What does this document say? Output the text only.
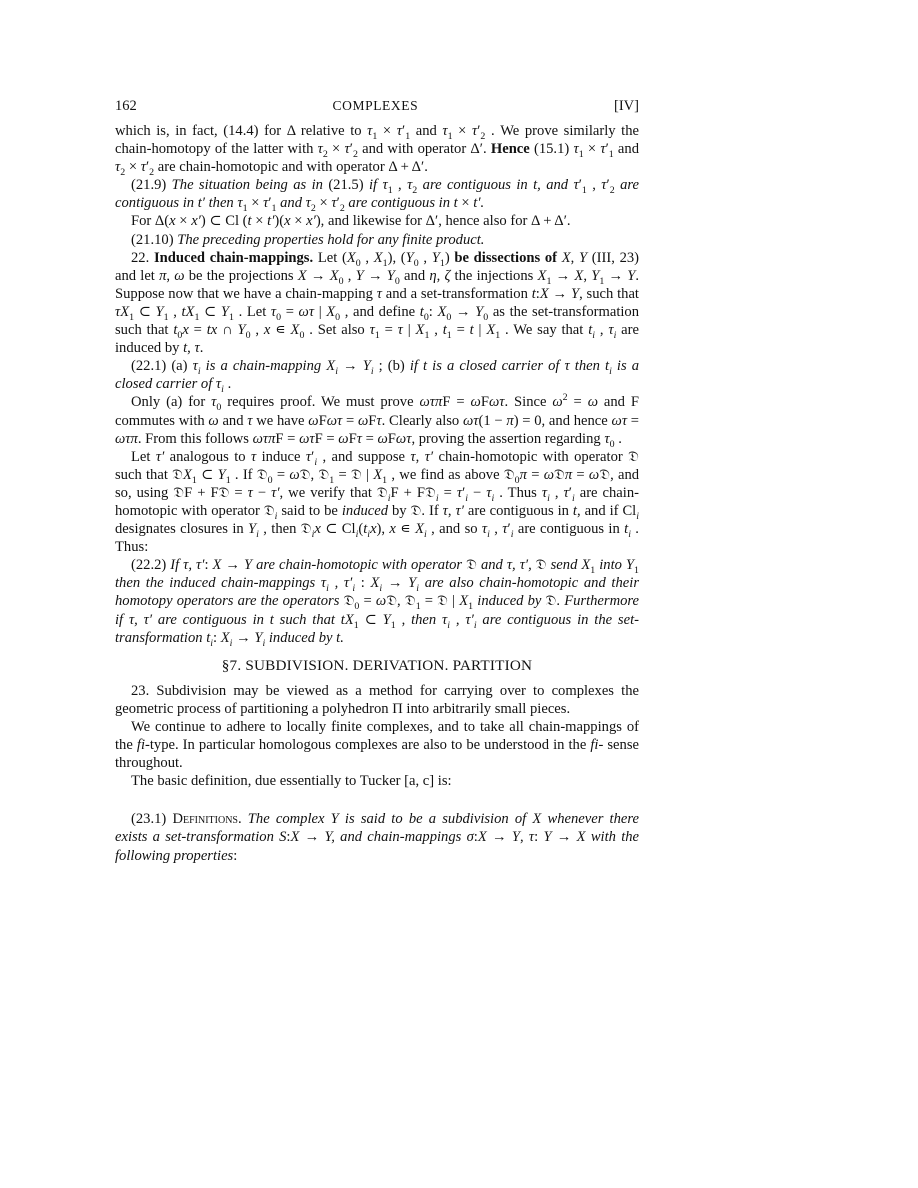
162	COMPLEXES	[IV]

which is, in fact, (14.4) for Δ relative to $\tau_1 \times \tau'_1$ and $\tau_1 \times \tau'_2$ . We prove similarly the chain-homotopy of the latter with $\tau_2 \times \tau'_2$ and with operator Δ′. Hence (15.1) $\tau_1 \times \tau'_1$ and $\tau_2 \times \tau'_2$ are chain-homotopic and with operator Δ + Δ′.

(21.9) The situation being as in (21.5) if $\tau_1$ , $\tau_2$ are contiguous in t, and $\tau'_1$ , $\tau'_2$ are contiguous in t′ then $\tau_1 \times \tau'_1$ and $\tau_2 \times \tau'_2$ are contiguous in t × t′.

For Δ(x × x′) ⊂ Cl (t × t′)(x × x′), and likewise for Δ′, hence also for Δ + Δ′.

(21.10) The preceding properties hold for any finite product.

22. Induced chain-mappings. Let ($X_0$ , $X_1$), ($Y_0$ , $Y_1$) be dissections of X, Y (III, 23) and let π, ω be the projections $X \to X_0$ , $Y \to Y_0$ and η, ζ the injections $X_1 \to X$, $Y_1 \to Y$. Suppose now that we have a chain-mapping τ and a set-transformation t:X → Y, such that $\tau X_1$ ⊂ $Y_1$ , $tX_1$ ⊂ $Y_1$ . Let $\tau_0 = \omega\tau$ | $X_0$ , and define $t_0$: $X_0 \to Y_0$ as the set-transformation such that $t_0x$ = tx ∩ $Y_0$ , x ∊ $X_0$ . Set also $\tau_1 = \tau$ | $X_1$ , $t_1 = t$ | $X_1$ . We say that $t_i$ , $\tau_i$ are induced by t, τ.

(22.1) (a) $\tau_i$ is a chain-mapping $X_i \to Y_i$ ; (b) if t is a closed carrier of τ then $t_i$ is a closed carrier of $\tau_i$ .

Only (a) for $\tau_0$ requires proof. We must prove ωτπF = ωFωτ. Since $\omega^2 = \omega$ and F commutes with ω and τ we have ωFωτ = ωFτ. Clearly also ωτ(1 − π) = 0, and hence ωτ = ωτπ. From this follows ωτπF = ωτF = ωFτ = ωFωτ, proving the assertion regarding $\tau_0$ .

Let τ′ analogous to τ induce $\tau'_i$ , and suppose τ, τ′ chain-homotopic with operator 𝔇 such that 𝔇X$_1$ ⊂ $Y_1$ . If 𝔇$_0$ = ω𝔇, 𝔇$_1$ = 𝔇 | $X_1$ , we find as above 𝔇$_0$π = ω𝔇π = ω𝔇, and so, using 𝔇F + F𝔇 = τ − τ′, we verify that 𝔇$_i$F + F𝔇$_i$ = $\tau'_i - \tau_i$ . Thus $\tau_i$ , $\tau'_i$ are chain-homotopic with operator 𝔇$_i$ said to be induced by 𝔇. If τ, τ′ are contiguous in t, and if $Cl_i$ designates closures in $Y_i$ , then 𝔇$_i$x ⊂ $Cl_i(t_ix)$, x ∊ $X_i$ , and so $\tau_i$ , $\tau'_i$ are contiguous in $t_i$ . Thus:

(22.2) If τ, τ′: X → Y are chain-homotopic with operator 𝔇 and τ, τ′, 𝔇 send $X_1$ into $Y_1$ then the induced chain-mappings $\tau_i$ , $\tau'_i$ : $X_i \to Y_i$ are also chain-homotopic and their homotopy operators are the operators 𝔇$_0$ = ω𝔇, 𝔇$_1$ = 𝔇 | $X_1$ induced by 𝔇. Furthermore if τ, τ′ are contiguous in t such that $tX_1$ ⊂ $Y_1$ , then $\tau_i$ , $\tau'_i$ are contiguous in the set-transformation $t_i$: $X_i \to Y_i$ induced by t.

§7. SUBDIVISION. DERIVATION. PARTITION

23. Subdivision may be viewed as a method for carrying over to complexes the geometric process of partitioning a polyhedron Π into arbitrarily small pieces.

We continue to adhere to locally finite complexes, and to take all chain-mappings of the fi-type. In particular homologous complexes are also to be understood in the fi- sense throughout.

The basic definition, due essentially to Tucker [a, c] is:

(23.1) Definitions. The complex Y is said to be a subdivision of X whenever there exists a set-transformation S:X → Y, and chain-mappings σ:X → Y, τ: Y → X with the following properties:
